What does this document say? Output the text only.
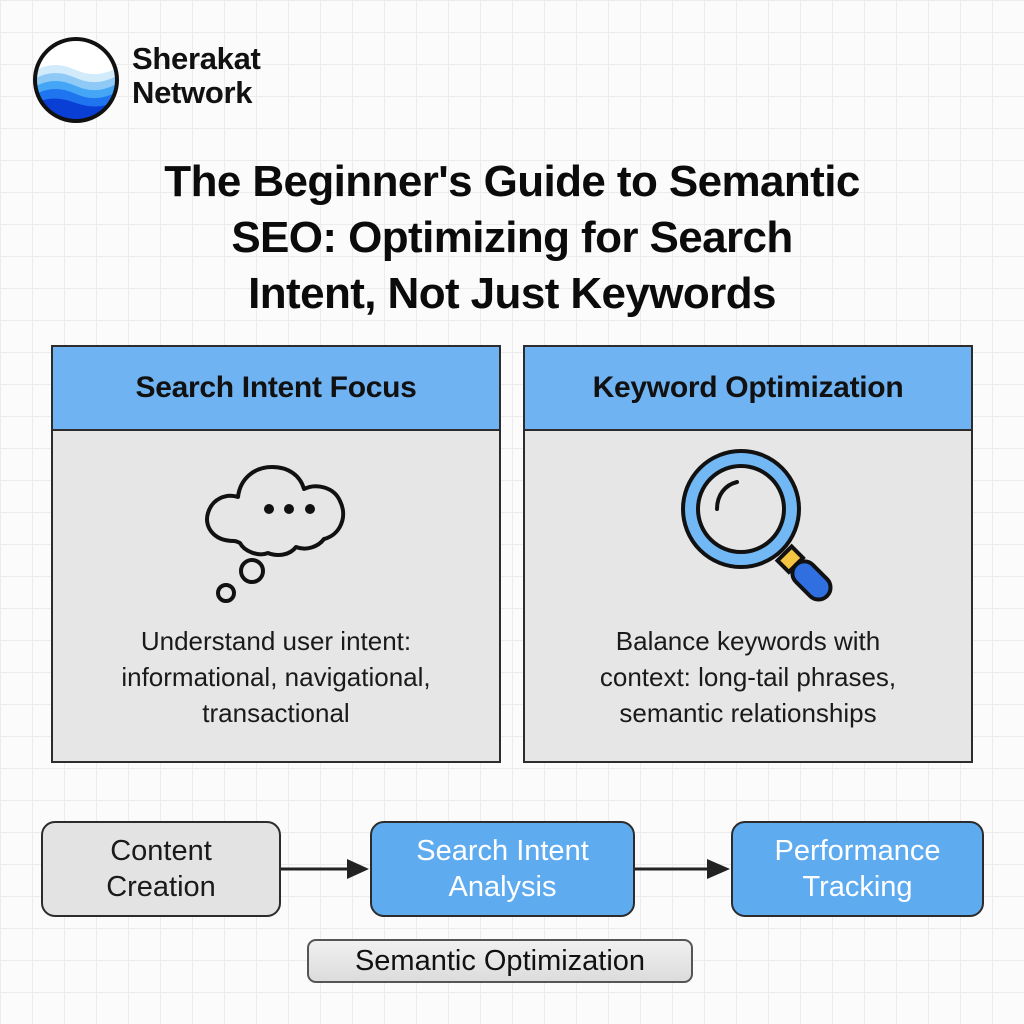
Sherakat
Network
The Beginner's Guide to Semantic
SEO: Optimizing for Search
Intent, Not Just Keywords
Search Intent Focus
Understand user intent:
informational, navigational,
transactional
Keyword Optimization
Balance keywords with
context: long-tail phrases,
semantic relationships
Content
Creation
Search Intent
Analysis
Performance
Tracking
Semantic Optimization
